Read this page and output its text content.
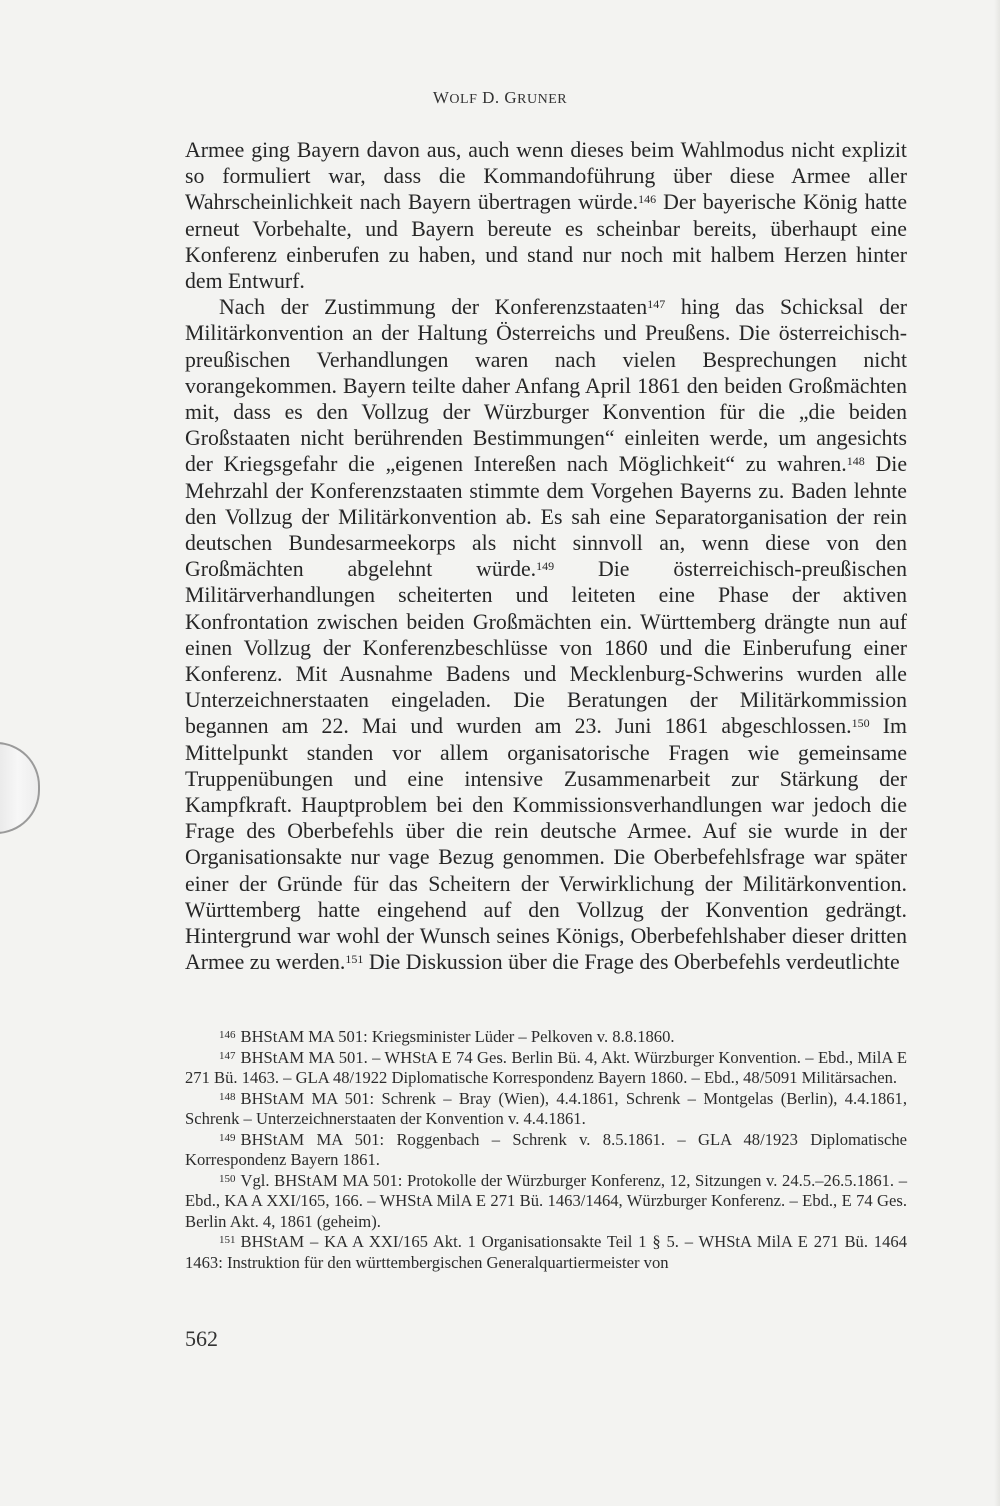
WOLF D. GRUNER

Armee ging Bayern davon aus, auch wenn dieses beim Wahlmodus nicht explizit so formuliert war, dass die Kommandoführung über diese Armee aller Wahrscheinlichkeit nach Bayern übertragen würde.$^{146}$ Der bayerische König hatte erneut Vorbehalte, und Bayern bereute es scheinbar bereits, überhaupt eine Konferenz einberufen zu haben, und stand nur noch mit halbem Herzen hinter dem Entwurf.

Nach der Zustimmung der Konferenzstaaten$^{147}$ hing das Schicksal der Militärkonvention an der Haltung Österreichs und Preußens. Die österreichisch-preußischen Verhandlungen waren nach vielen Besprechungen nicht vorangekommen. Bayern teilte daher Anfang April 1861 den beiden Großmächten mit, dass es den Vollzug der Würzburger Konvention für die „die beiden Großstaaten nicht berührenden Bestimmungen“ einleiten werde, um angesichts der Kriegsgefahr die „eigenen Intereßen nach Möglichkeit“ zu wahren.$^{148}$ Die Mehrzahl der Konferenzstaaten stimmte dem Vorgehen Bayerns zu. Baden lehnte den Vollzug der Militärkonvention ab. Es sah eine Separatorganisation der rein deutschen Bundesarmeekorps als nicht sinnvoll an, wenn diese von den Großmächten abgelehnt würde.$^{149}$ Die österreichisch-preußischen Militärverhandlungen scheiterten und leiteten eine Phase der aktiven Konfrontation zwischen beiden Großmächten ein. Württemberg drängte nun auf einen Vollzug der Konferenzbeschlüsse von 1860 und die Einberufung einer Konferenz. Mit Ausnahme Badens und Mecklenburg-Schwerins wurden alle Unterzeichnerstaaten eingeladen. Die Beratungen der Militärkommission begannen am 22. Mai und wurden am 23. Juni 1861 abgeschlossen.$^{150}$ Im Mittelpunkt standen vor allem organisatorische Fragen wie gemeinsame Truppenübungen und eine intensive Zusammenarbeit zur Stärkung der Kampfkraft. Hauptproblem bei den Kommissionsverhandlungen war jedoch die Frage des Oberbefehls über die rein deutsche Armee. Auf sie wurde in der Organisationsakte nur vage Bezug genommen. Die Oberbefehlsfrage war später einer der Gründe für das Scheitern der Verwirklichung der Militärkonvention. Württemberg hatte eingehend auf den Vollzug der Konvention gedrängt. Hintergrund war wohl der Wunsch seines Königs, Oberbefehlshaber dieser dritten Armee zu werden.$^{151}$ Die Diskussion über die Frage des Oberbefehls verdeutlichte

$^{146}$ BHStAM MA 501: Kriegsminister Lüder – Pelkoven v. 8.8.1860.

$^{147}$ BHStAM MA 501. – WHStA E 74 Ges. Berlin Bü. 4, Akt. Würzburger Konvention. – Ebd., MilA E 271 Bü. 1463. – GLA 48/1922 Diplomatische Korrespondenz Bayern 1860. – Ebd., 48/5091 Militärsachen.

$^{148}$ BHStAM MA 501: Schrenk – Bray (Wien), 4.4.1861, Schrenk – Montgelas (Berlin), 4.4.1861, Schrenk – Unterzeichnerstaaten der Konvention v. 4.4.1861.

$^{149}$ BHStAM MA 501: Roggenbach – Schrenk v. 8.5.1861. – GLA 48/1923 Diplomatische Korrespondenz Bayern 1861.

$^{150}$ Vgl. BHStAM MA 501: Protokolle der Würzburger Konferenz, 12, Sitzungen v. 24.5.–26.5.1861. – Ebd., KA A XXI/165, 166. – WHStA MilA E 271 Bü. 1463/1464, Würzburger Konferenz. – Ebd., E 74 Ges. Berlin Akt. 4, 1861 (geheim).

$^{151}$ BHStAM – KA A XXI/165 Akt. 1 Organisationsakte Teil 1 § 5. – WHStA MilA E 271 Bü. 1464 1463: Instruktion für den württembergischen Generalquartiermeister von

562
